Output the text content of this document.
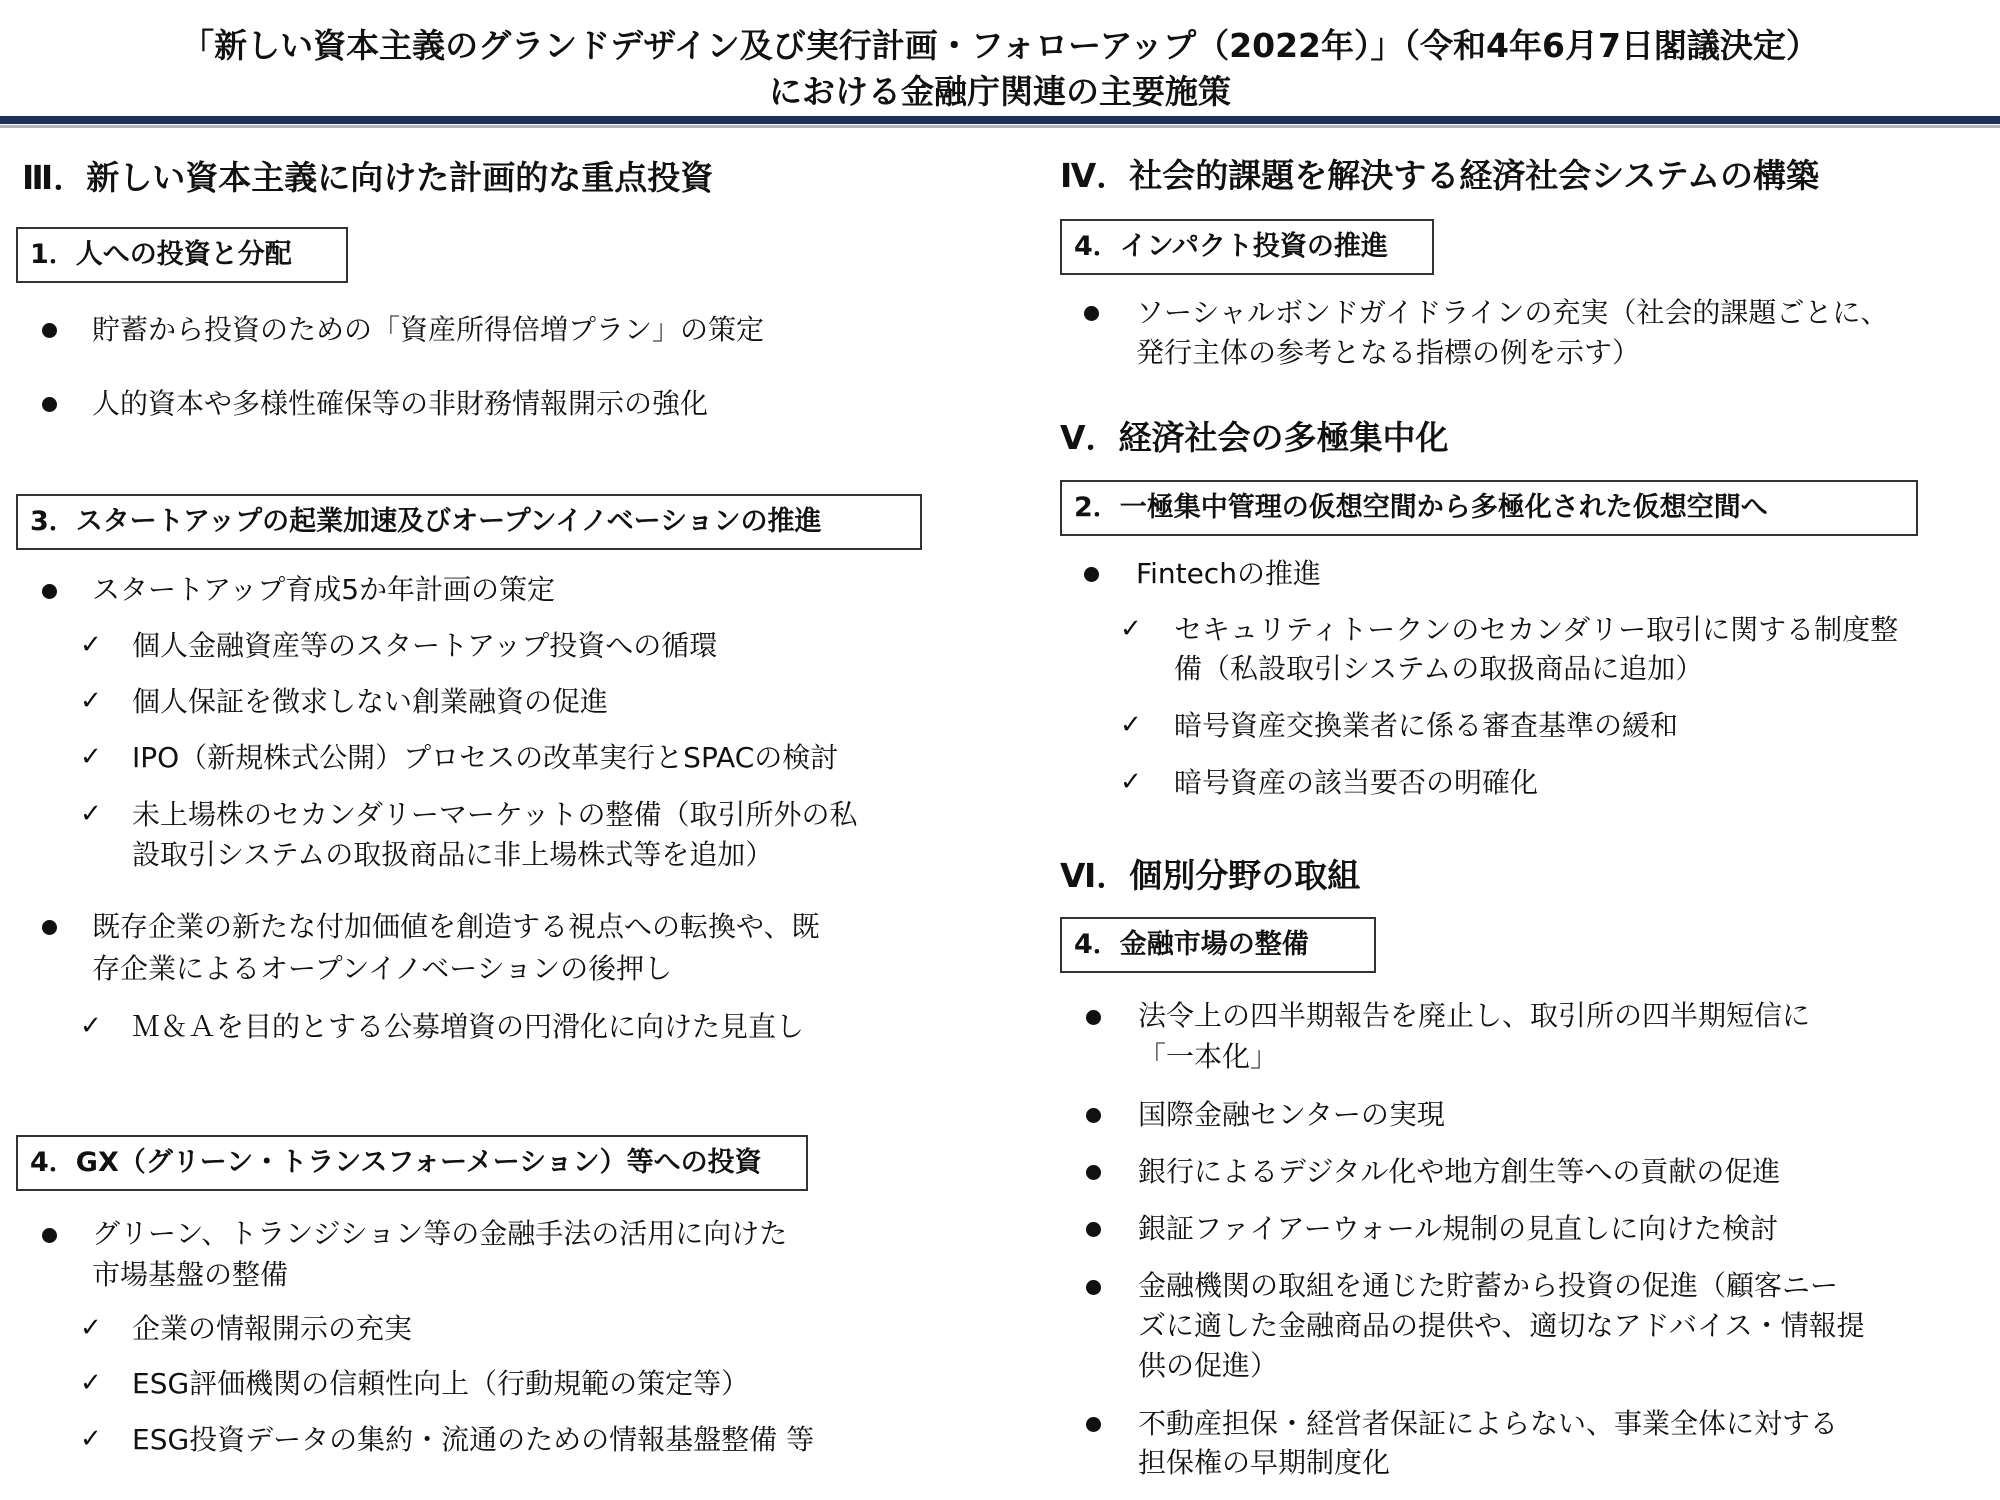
「新しい資本主義のグランドデザイン及び実行計画・フォローアップ（2022年）」（令和4年6月7日閣議決定）
における金融庁関連の主要施策
Ⅲ．新しい資本主義に向けた計画的な重点投資
1．人への投資と分配
貯蓄から投資のための「資産所得倍増プラン」の策定
人的資本や多様性確保等の非財務情報開示の強化
3．スタートアップの起業加速及びオープンイノベーションの推進
スタートアップ育成5か年計画の策定
✓ 個人金融資産等のスタートアップ投資への循環
✓ 個人保証を徴求しない創業融資の促進
✓ IPO（新規株式公開）プロセスの改革実行とSPACの検討
✓ 未上場株のセカンダリーマーケットの整備（取引所外の私
設取引システムの取扱商品に非上場株式等を追加）
既存企業の新たな付加価値を創造する視点への転換や、既
存企業によるオープンイノベーションの後押し
✓ Ｍ＆Ａを目的とする公募増資の円滑化に向けた見直し
4．GX（グリーン・トランスフォーメーション）等への投資
グリーン、トランジション等の金融手法の活用に向けた
市場基盤の整備
✓ 企業の情報開示の充実
✓ ESG評価機関の信頼性向上（行動規範の策定等）
✓ ESG投資データの集約・流通のための情報基盤整備 等
Ⅳ．社会的課題を解決する経済社会システムの構築
4．インパクト投資の推進
ソーシャルボンドガイドラインの充実（社会的課題ごとに、
発行主体の参考となる指標の例を示す）
Ⅴ．経済社会の多極集中化
2．一極集中管理の仮想空間から多極化された仮想空間へ
Fintechの推進
✓ セキュリティトークンのセカンダリー取引に関する制度整
備（私設取引システムの取扱商品に追加）
✓ 暗号資産交換業者に係る審査基準の緩和
✓ 暗号資産の該当要否の明確化
Ⅵ．個別分野の取組
4．金融市場の整備
法令上の四半期報告を廃止し、取引所の四半期短信に
「一本化」
国際金融センターの実現
銀行によるデジタル化や地方創生等への貢献の促進
銀証ファイアーウォール規制の見直しに向けた検討
金融機関の取組を通じた貯蓄から投資の促進（顧客ニー
ズに適した金融商品の提供や、適切なアドバイス・情報提
供の促進）
不動産担保・経営者保証によらない、事業全体に対する
担保権の早期制度化
